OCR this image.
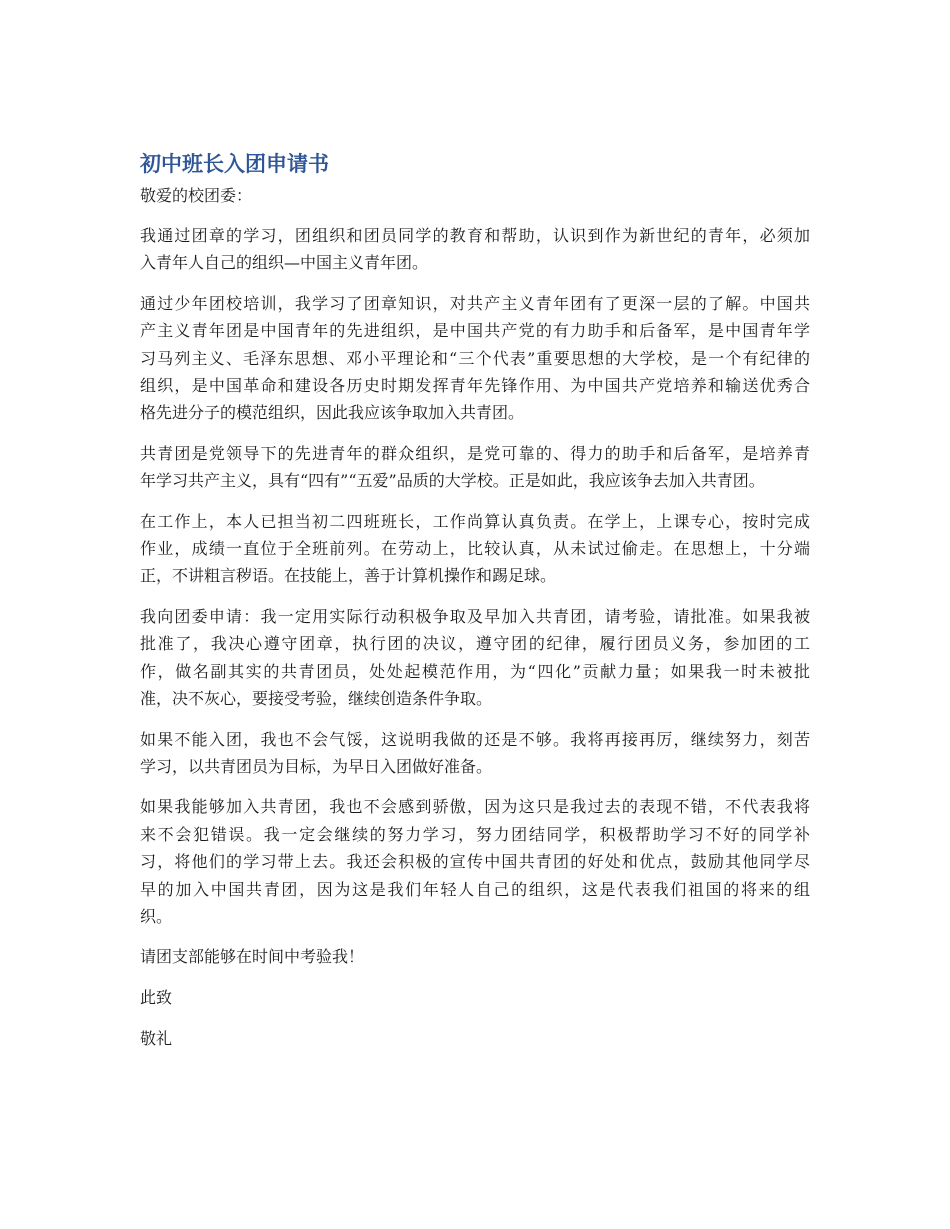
初中班长入团申请书

敬爱的校团委：

我通过团章的学习，团组织和团员同学的教育和帮助，认识到作为新世纪的青年，必须加
入青年人自己的组织—中国主义青年团。

通过少年团校培训，我学习了团章知识，对共产主义青年团有了更深一层的了解。中国共
产主义青年团是中国青年的先进组织，是中国共产党的有力助手和后备军，是中国青年学
习马列主义、毛泽东思想、邓小平理论和“三个代表”重要思想的大学校，是一个有纪律的
组织，是中国革命和建设各历史时期发挥青年先锋作用、为中国共产党培养和输送优秀合
格先进分子的模范组织，因此我应该争取加入共青团。

共青团是党领导下的先进青年的群众组织，是党可靠的、得力的助手和后备军，是培养青
年学习共产主义，具有“四有”“五爱”品质的大学校。正是如此，我应该争去加入共青团。

在工作上，本人已担当初二四班班长，工作尚算认真负责。在学上，上课专心，按时完成
作业，成绩一直位于全班前列。在劳动上，比较认真，从未试过偷走。在思想上，十分端
正，不讲粗言秽语。在技能上，善于计算机操作和踢足球。

我向团委申请：我一定用实际行动积极争取及早加入共青团，请考验，请批准。如果我被
批准了，我决心遵守团章，执行团的决议，遵守团的纪律，履行团员义务，参加团的工
作，做名副其实的共青团员，处处起模范作用，为“四化”贡献力量；如果我一时未被批
准，决不灰心，要接受考验，继续创造条件争取。

如果不能入团，我也不会气馁，这说明我做的还是不够。我将再接再厉，继续努力，刻苦
学习，以共青团员为目标，为早日入团做好准备。

如果我能够加入共青团，我也不会感到骄傲，因为这只是我过去的表现不错，不代表我将
来不会犯错误。我一定会继续的努力学习，努力团结同学，积极帮助学习不好的同学补
习，将他们的学习带上去。我还会积极的宣传中国共青团的好处和优点，鼓励其他同学尽
早的加入中国共青团，因为这是我们年轻人自己的组织，这是代表我们祖国的将来的组
织。

请团支部能够在时间中考验我！

此致

敬礼
